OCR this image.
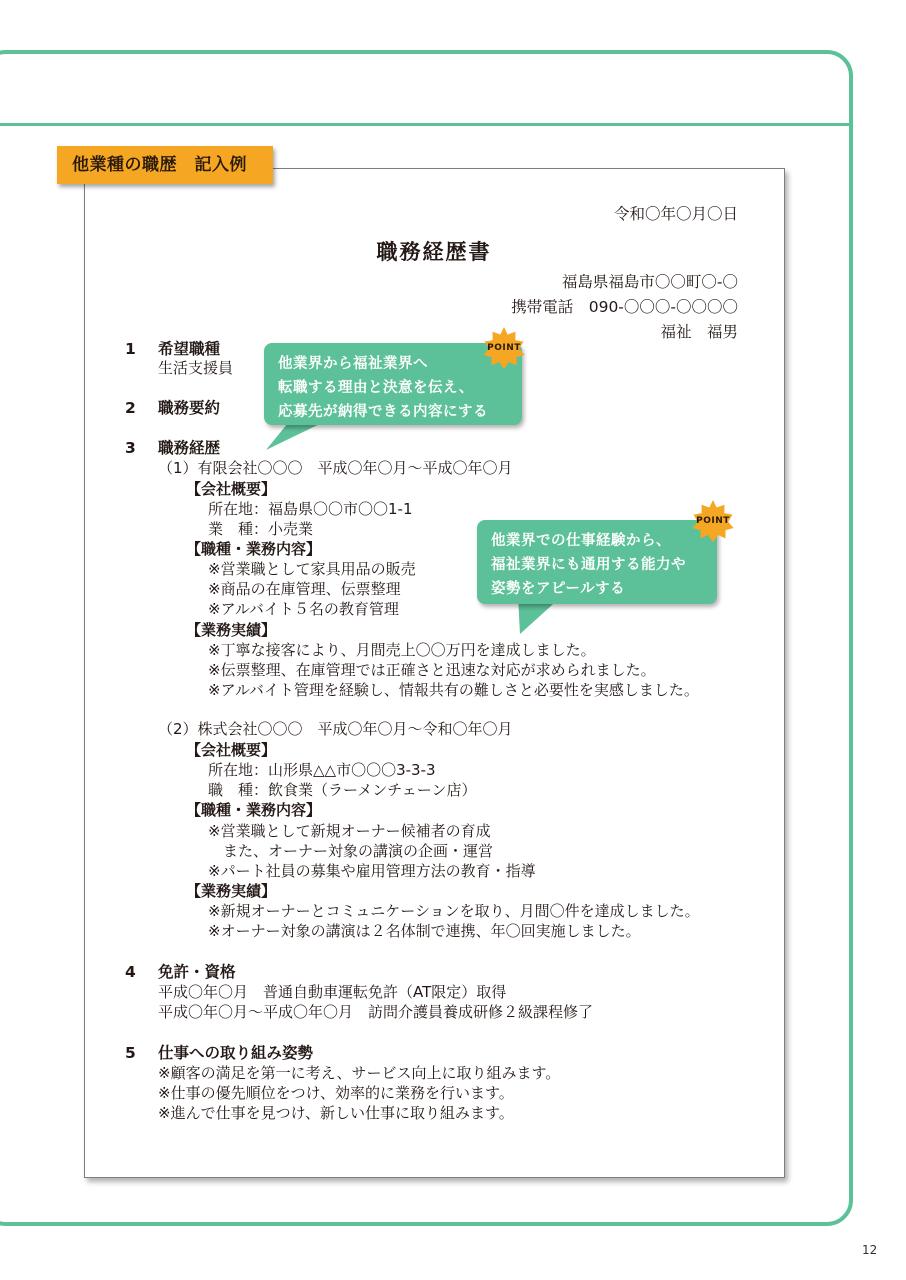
他業種の職歴　記入例
令和〇年〇月〇日
職務経歴書
福島県福島市〇〇町〇-〇
携帯電話　090-〇〇〇-〇〇〇〇
福祉　福男
1 希望職種
生活支援員
2 職務要約
3 職務経歴
（1）有限会社〇〇〇　平成〇年〇月～平成〇年〇月
【会社概要】
所在地：福島県〇〇市〇〇1-1
業　種：小売業
【職種・業務内容】
※営業職として家具用品の販売
※商品の在庫管理、伝票整理
※アルバイト５名の教育管理
【業務実績】
※丁寧な接客により、月間売上〇〇万円を達成しました。
※伝票整理、在庫管理では正確さと迅速な対応が求められました。
※アルバイト管理を経験し、情報共有の難しさと必要性を実感しました。
（2）株式会社〇〇〇　平成〇年〇月～令和〇年〇月
【会社概要】
所在地：山形県△△市〇〇〇3-3-3
職　種：飲食業（ラーメンチェーン店）
【職種・業務内容】
※営業職として新規オーナー候補者の育成
　また、オーナー対象の講演の企画・運営
※パート社員の募集や雇用管理方法の教育・指導
【業務実績】
※新規オーナーとコミュニケーションを取り、月間〇件を達成しました。
※オーナー対象の講演は２名体制で連携、年〇回実施しました。
4 免許・資格
平成〇年〇月　普通自動車運転免許（AT限定）取得
平成〇年〇月～平成〇年〇月　訪問介護員養成研修２級課程修了
5 仕事への取り組み姿勢
※顧客の満足を第一に考え、サービス向上に取り組みます。
※仕事の優先順位をつけ、効率的に業務を行います。
※進んで仕事を見つけ、新しい仕事に取り組みます。
他業界から福祉業界へ
転職する理由と決意を伝え、
応募先が納得できる内容にする
POINT
他業界での仕事経験から、
福祉業界にも通用する能力や
姿勢をアピールする
POINT
12
